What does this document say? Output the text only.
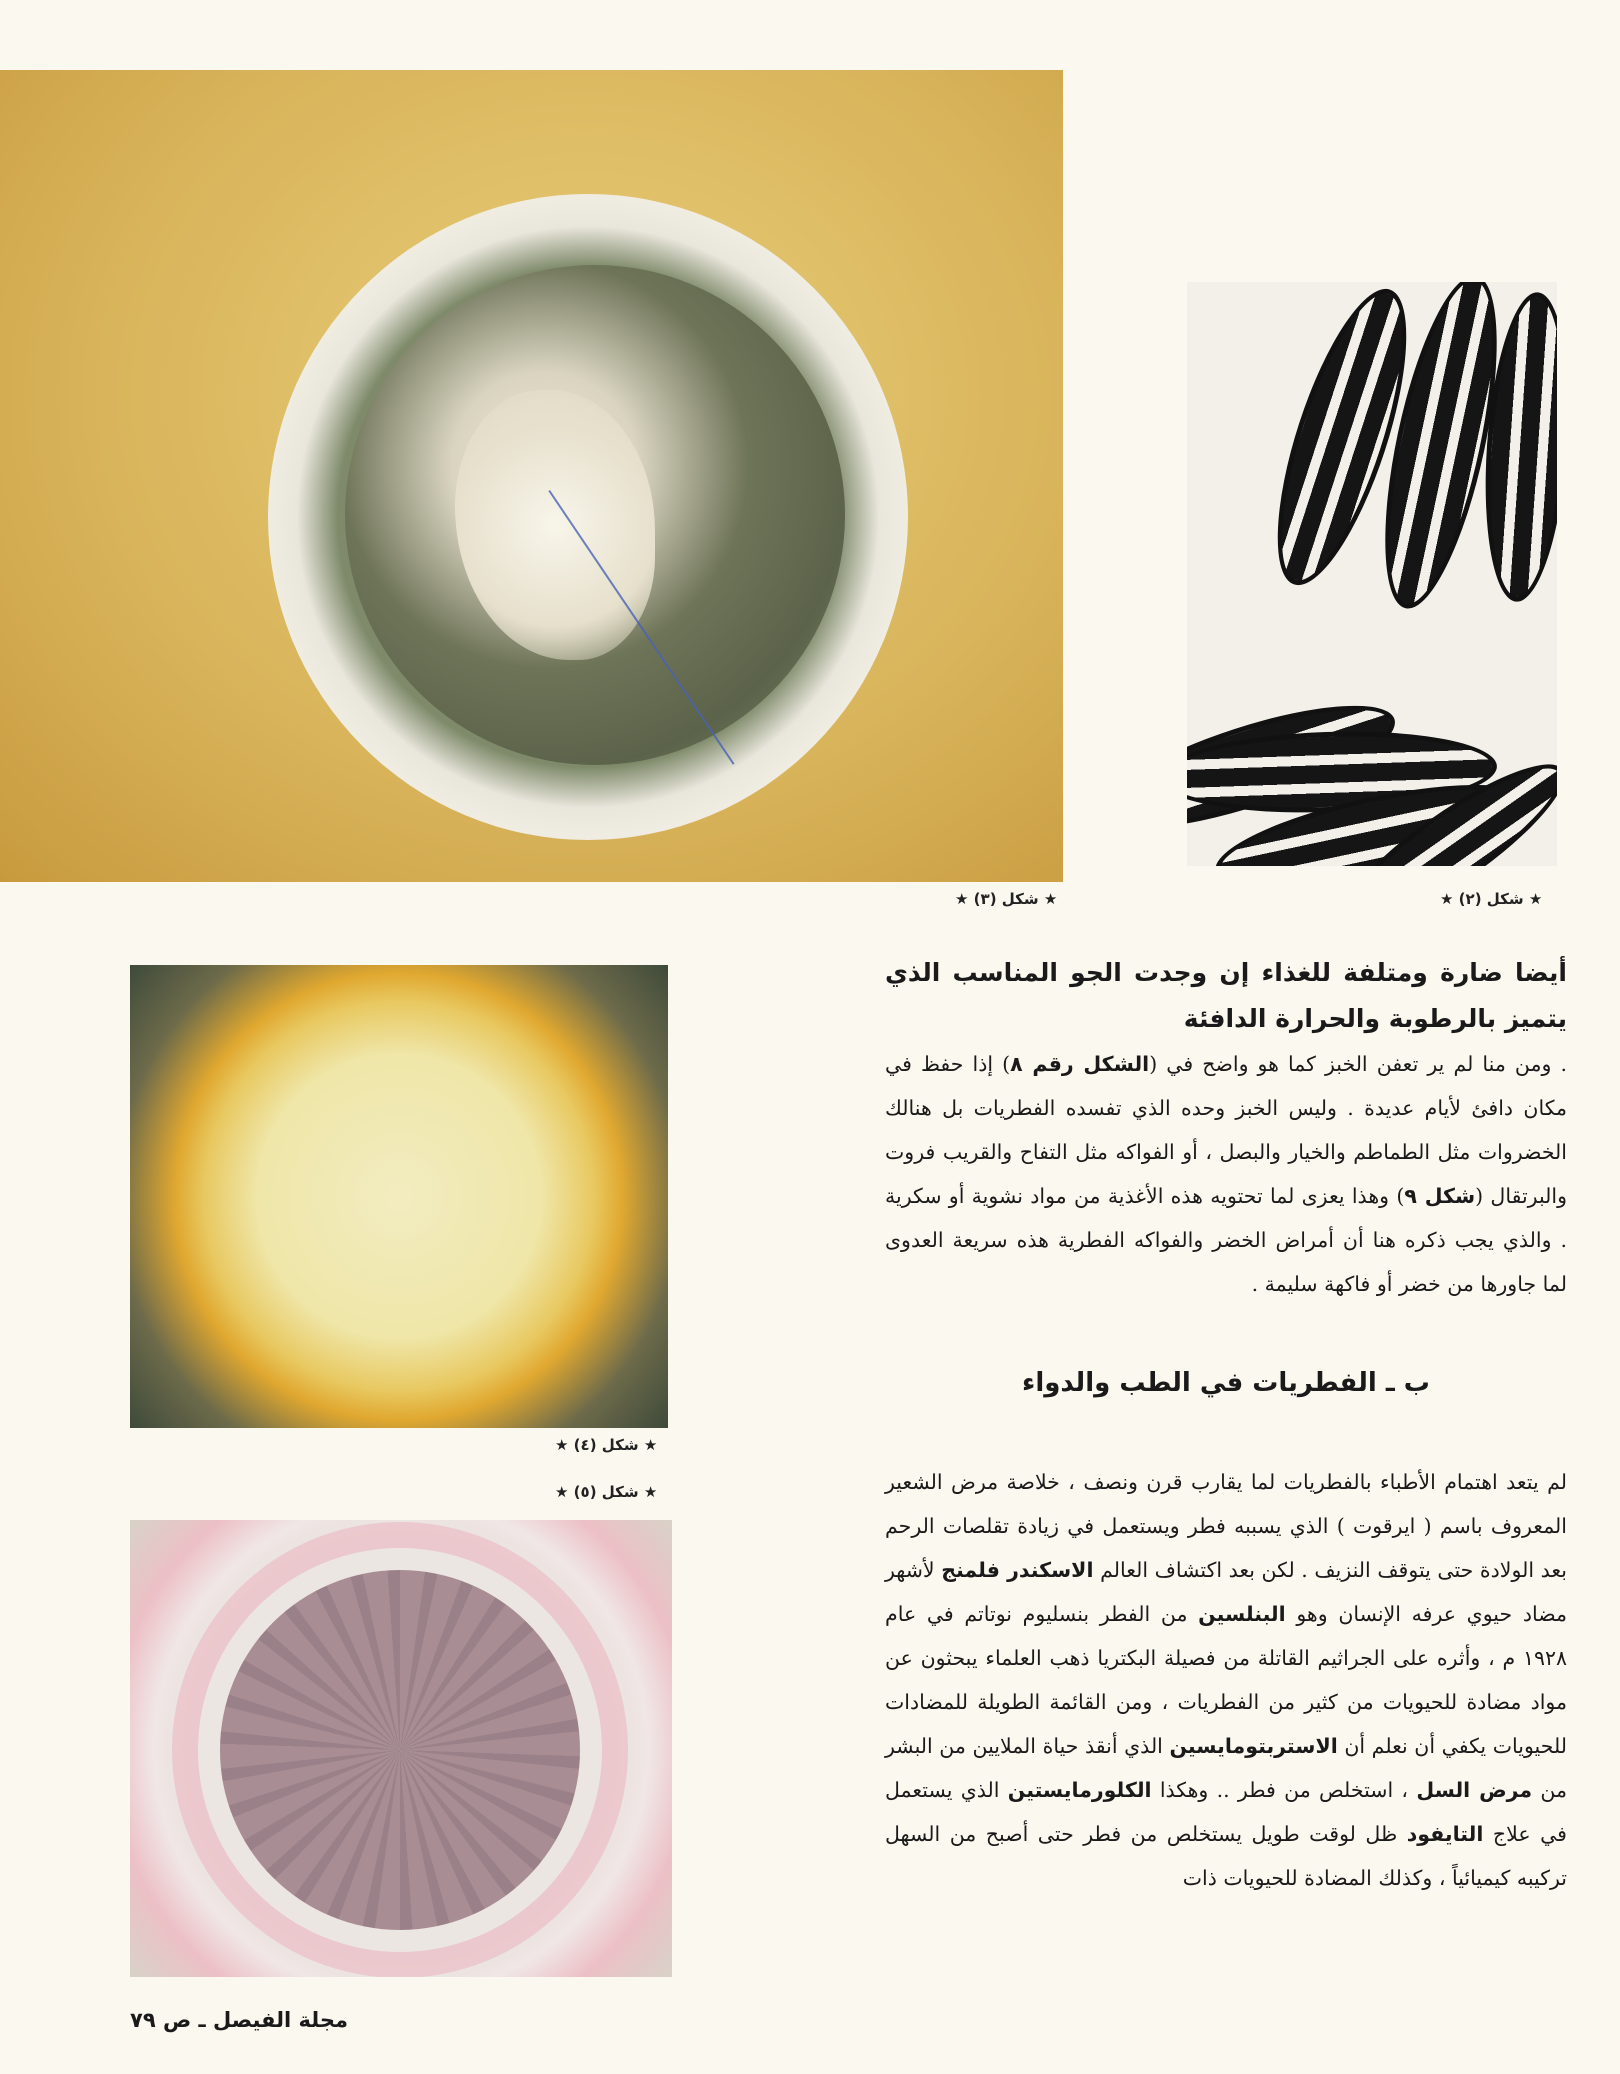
★ شكل (٣) ★	★ شكل (٢) ★
★ شكل (٤) ★
★ شكل (٥) ★

أيضا ضارة ومتلفة للغذاء إن وجدت الجو المناسب الذي يتميز بالرطوبة والحرارة الدافئة

. ومن منا لم ير تعفن الخبز كما هو واضح في (الشكل رقم ٨) إذا حفظ في مكان دافئ لأيام عديدة . وليس الخبز وحده الذي تفسده الفطريات بل هنالك الخضروات مثل الطماطم والخيار والبصل ، أو الفواكه مثل التفاح والقريب فروت والبرتقال (شكل ٩) وهذا يعزى لما تحتويه هذه الأغذية من مواد نشوية أو سكرية . والذي يجب ذكره هنا أن أمراض الخضر والفواكه الفطرية هذه سريعة العدوى لما جاورها من خضر أو فاكهة سليمة .

ب ـ الفطريات في الطب والدواء

لم يتعد اهتمام الأطباء بالفطريات لما يقارب قرن ونصف ، خلاصة مرض الشعير المعروف باسم ( ايرقوت ) الذي يسببه فطر ويستعمل في زيادة تقلصات الرحم بعد الولادة حتى يتوقف النزيف . لكن بعد اكتشاف العالم الاسكندر فلمنج لأشهر مضاد حيوي عرفه الإنسان وهو البنلسين من الفطر بنسليوم نوتاتم في عام ١٩٢٨ م ، وأثره على الجراثيم القاتلة من فصيلة البكتريا ذهب العلماء يبحثون عن مواد مضادة للحيويات من كثير من الفطريات ، ومن القائمة الطويلة للمضادات للحيويات يكفي أن نعلم أن الاستربتومايسين الذي أنقذ حياة الملايين من البشر من مرض السل ، استخلص من فطر .. وهكذا الكلورمايستين الذي يستعمل في علاج التايفود ظل لوقت طويل يستخلص من فطر حتى أصبح من السهل تركيبه كيميائياً ، وكذلك المضادة للحيويات ذات

مجلة الفيصل ـ ص ٧٩
